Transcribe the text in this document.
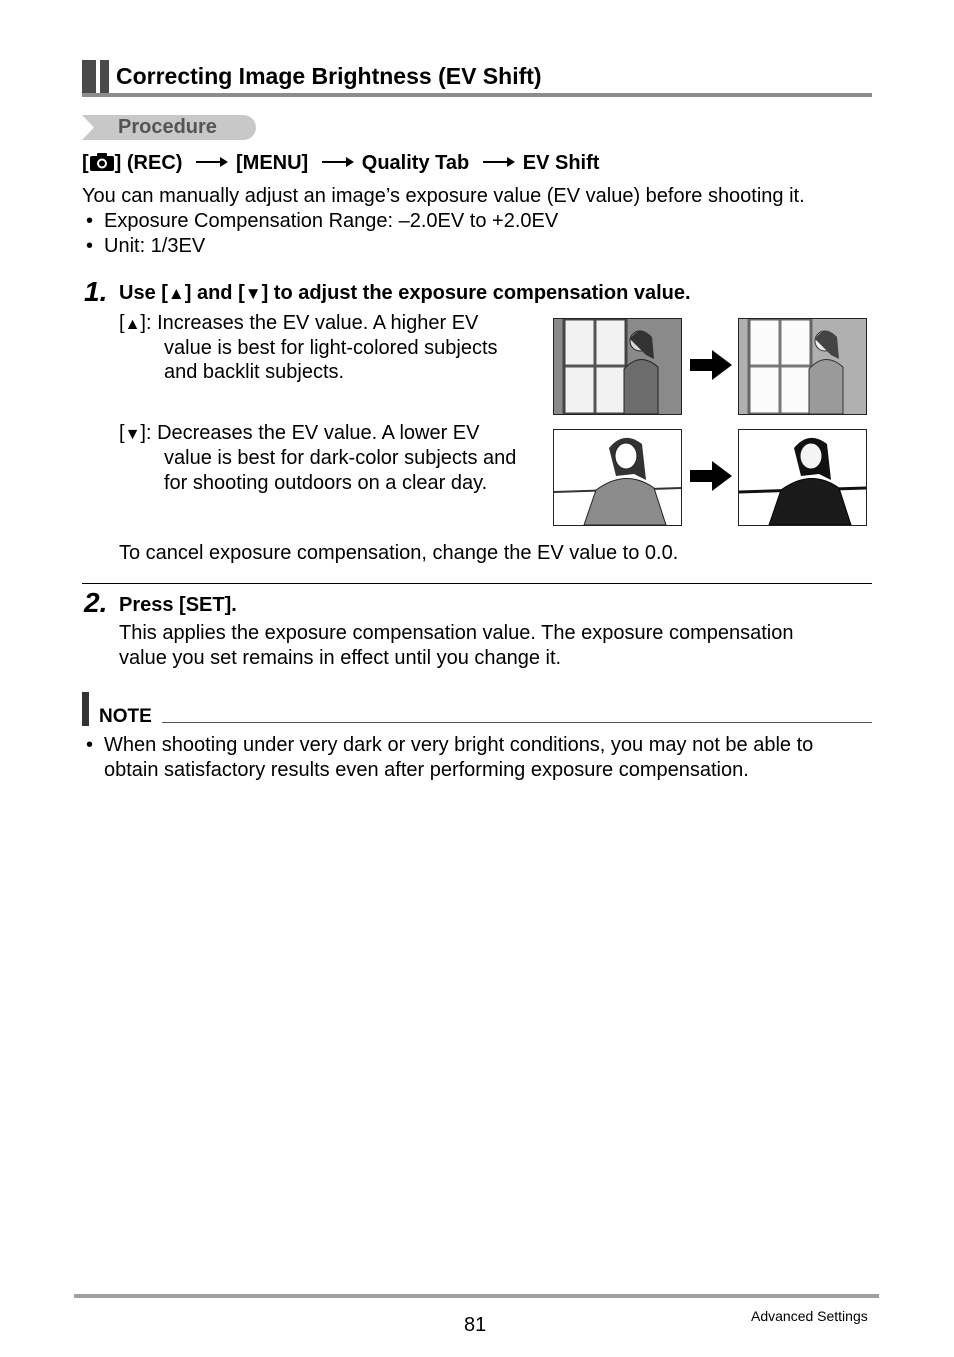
Correcting Image Brightness (EV Shift)
Procedure
[ ] (REC)	[MENU]	Quality Tab	EV Shift
You can manually adjust an image’s exposure value (EV value) before shooting it.
• Exposure Compensation Range: –2.0EV to +2.0EV
• Unit: 1/3EV
1. Use [▲] and [▼] to adjust the exposure compensation value.
[▲]: Increases the EV value. A higher EV
value is best for light-colored subjects
and backlit subjects.
[▼]: Decreases the EV value. A lower EV
value is best for dark-color subjects and
for shooting outdoors on a clear day.
To cancel exposure compensation, change the EV value to 0.0.
2. Press [SET].
This applies the exposure compensation value. The exposure compensation
value you set remains in effect until you change it.
NOTE
• When shooting under very dark or very bright conditions, you may not be able to
obtain satisfactory results even after performing exposure compensation.
81	Advanced Settings
